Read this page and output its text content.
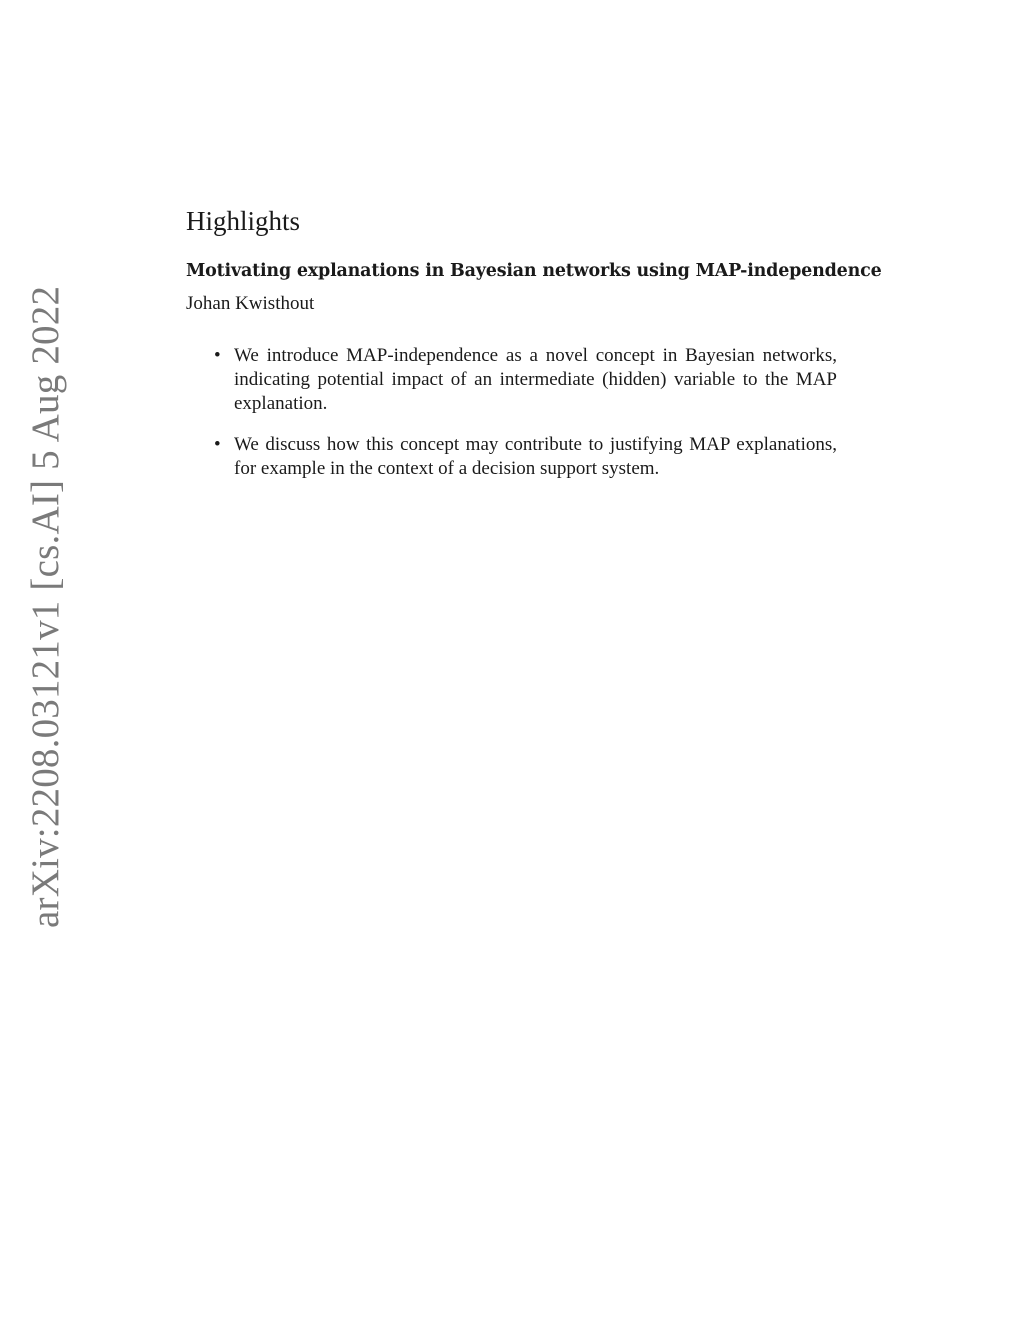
arXiv:2208.03121v1 [cs.AI] 5 Aug 2022
Highlights
Motivating explanations in Bayesian networks using MAP-independence
Johan Kwisthout
• We introduce MAP-independence as a novel concept in Bayesian networks, indicating potential impact of an intermediate (hidden) variable to the MAP explanation.
• We discuss how this concept may contribute to justifying MAP explanations, for example in the context of a decision support system.
